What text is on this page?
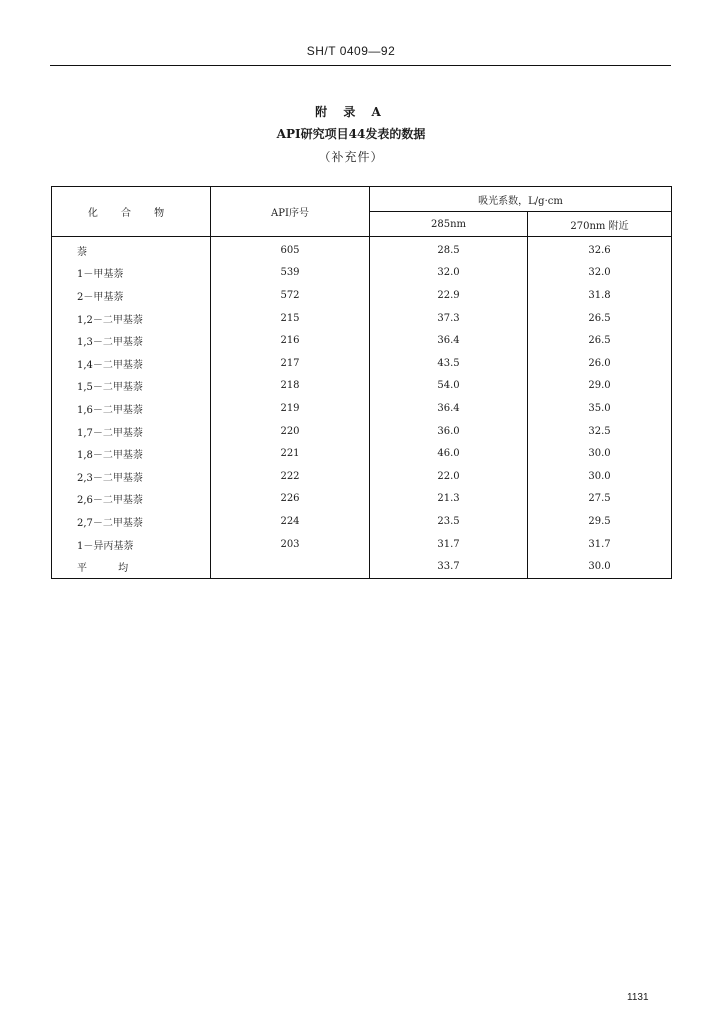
SH/T 0409—92
附 录 A
API研究项目44发表的数据
（补充件）
化 合 物	API序号	吸光系数，L/g·cm	
		285nm	270nm 附近
萘	605	28.5	32.6
1－甲基萘	539	32.0	32.0
2－甲基萘	572	22.9	31.8
1,2－二甲基萘	215	37.3	26.5
1,3－二甲基萘	216	36.4	26.5
1,4－二甲基萘	217	43.5	26.0
1,5－二甲基萘	218	54.0	29.0
1,6－二甲基萘	219	36.4	35.0
1,7－二甲基萘	220	36.0	32.5
1,8－二甲基萘	221	46.0	30.0
2,3－二甲基萘	222	22.0	30.0
2,6－二甲基萘	226	21.3	27.5
2,7－二甲基萘	224	23.5	29.5
1－异丙基萘	203	31.7	31.7
平 均		33.7	30.0
1131
